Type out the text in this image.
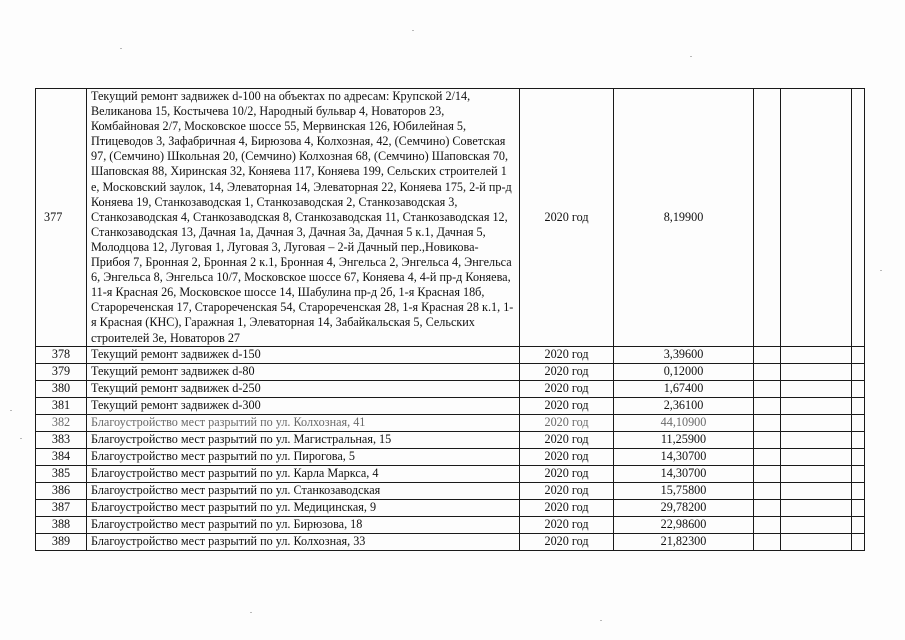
377	Текущий ремонт задвижек d-100 на объектах по адресам: Крупской 2/14, Великанова 15, Костычева 10/2, Народный бульвар 4, Новаторов 23, Комбайновая 2/7, Московское шоссе 55, Мервинская 126, Юбилейная 5, Птицеводов 3, Зафабричная 4, Бирюзова 4, Колхозная, 42, (Семчино) Советская 97, (Семчино) Школьная 20, (Семчино) Колхозная 68, (Семчино) Шаповская 70, Шаповская 88, Хиринская 32, Коняева 117, Коняева 199, Сельских строителей 1 е, Московский заулок, 14, Элеваторная 14, Элеваторная 22, Коняева 175, 2-й пр-д Коняева 19, Станкозаводская 1, Станкозаводская 2, Станкозаводская 3, Станкозаводская 4, Станкозаводская 8, Станкозаводская 11, Станкозаводская 12, Станкозаводская 13, Дачная 1а, Дачная 3, Дачная 3а, Дачная 5 к.1, Дачная 5, Молодцова 12, Луговая 1, Луговая 3, Луговая – 2-й Дачный пер.,Новикова-Прибоя 7, Бронная 2, Бронная 2 к.1, Бронная 4, Энгельса 2, Энгельса 4, Энгельса 6, Энгельса 8, Энгельса 10/7, Московское шоссе 67, Коняева 4, 4-й пр-д Коняева, 11-я Красная 26, Московское шоссе 14, Шабулина пр-д 2б, 1-я Красная 18б, Старореченская 17, Старореченская 54, Старореченская 28, 1-я Красная 28 к.1, 1-я Красная (КНС), Гаражная 1, Элеваторная 14, Забайкальская 5, Сельских строителей 3е, Новаторов 27	2020 год	8,19900			
378	Текущий ремонт задвижек d-150	2020 год	3,39600			
379	Текущий ремонт задвижек d-80	2020 год	0,12000			
380	Текущий ремонт задвижек d-250	2020 год	1,67400			
381	Текущий ремонт задвижек d-300	2020 год	2,36100			
382	Благоустройство мест разрытий по ул. Колхозная, 41	2020 год	44,10900			
383	Благоустройство мест разрытий по ул. Магистральная, 15	2020 год	11,25900			
384	Благоустройство мест разрытий по ул. Пирогова, 5	2020 год	14,30700			
385	Благоустройство мест разрытий по ул. Карла Маркса, 4	2020 год	14,30700			
386	Благоустройство мест разрытий по ул. Станкозаводская	2020 год	15,75800			
387	Благоустройство мест разрытий по ул. Медицинская, 9	2020 год	29,78200			
388	Благоустройство мест разрытий по ул. Бирюзова, 18	2020 год	22,98600			
389	Благоустройство мест разрытий по ул. Колхозная, 33	2020 год	21,82300			
